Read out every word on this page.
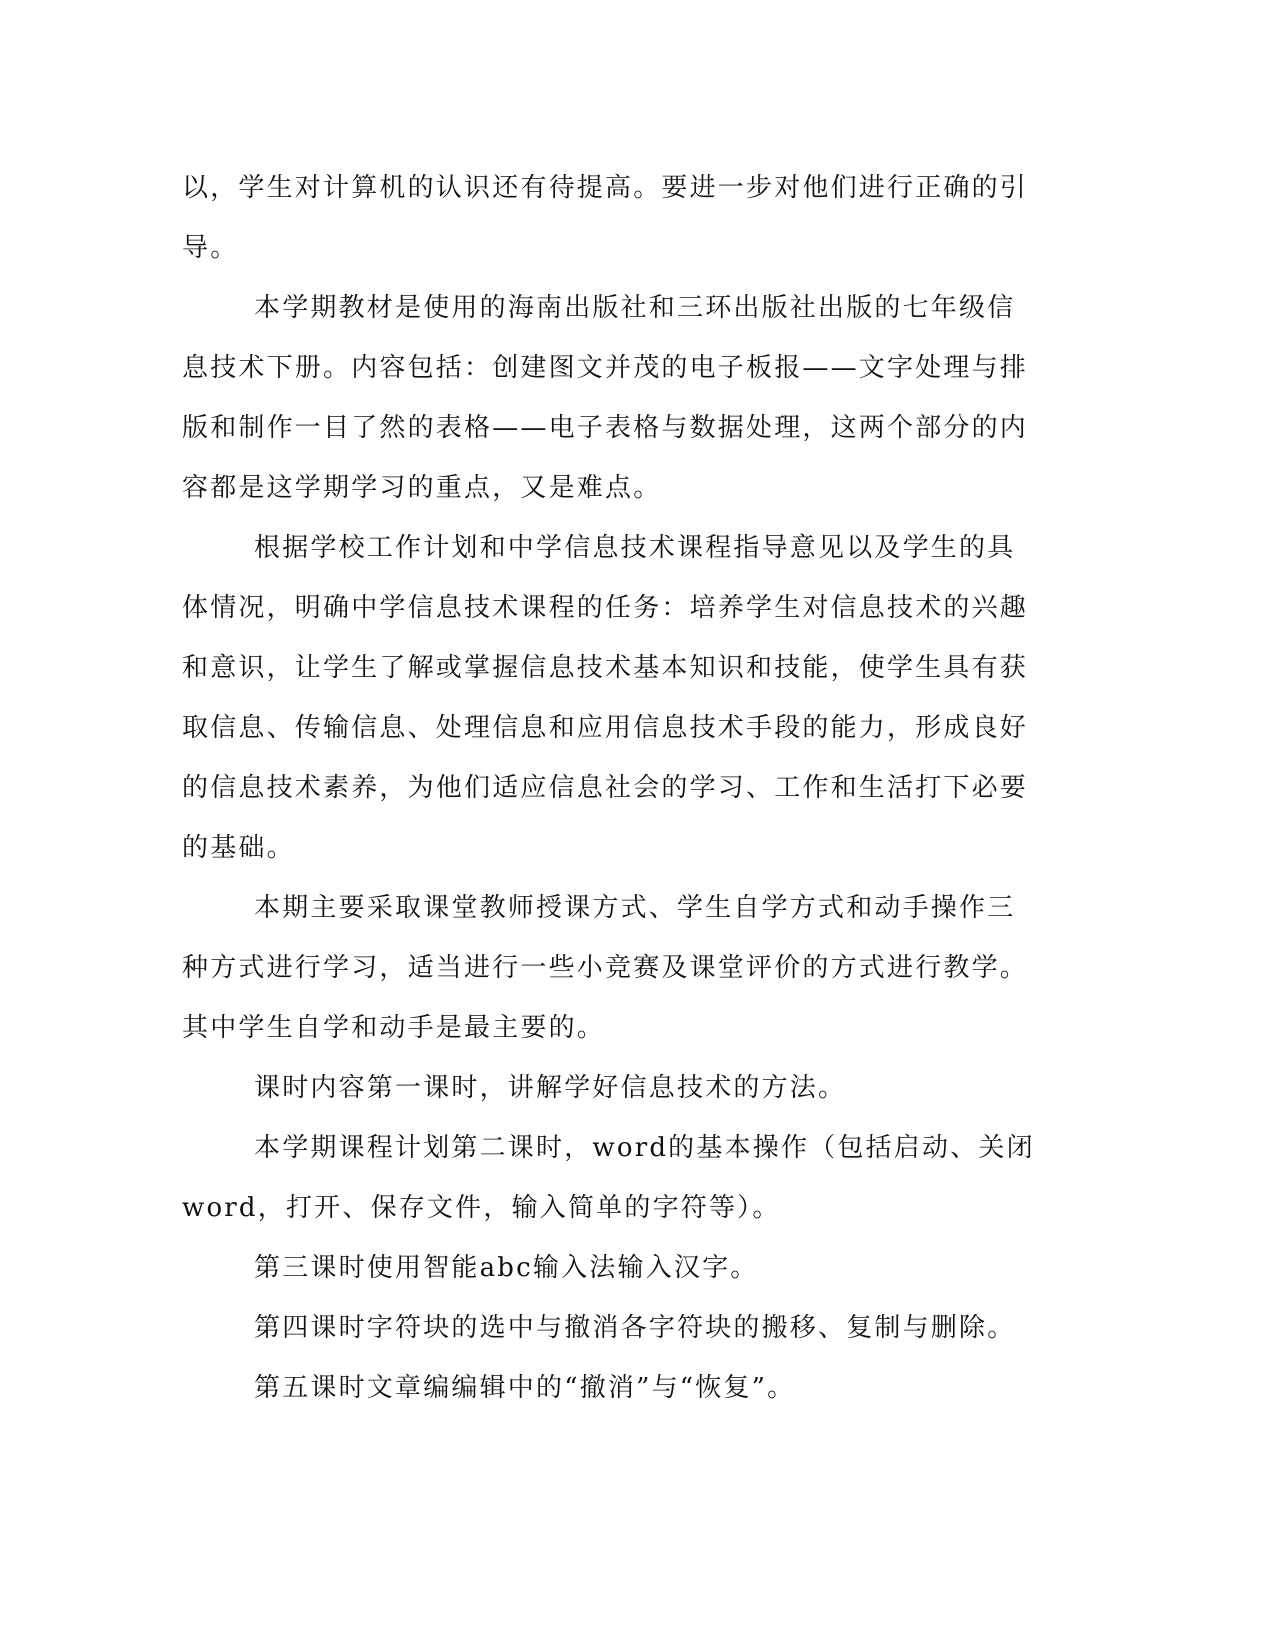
以，学生对计算机的认识还有待提高。要进一步对他们进行正确的引导。

本学期教材是使用的海南出版社和三环出版社出版的七年级信息技术下册。内容包括：创建图文并茂的电子板报——文字处理与排版和制作一目了然的表格——电子表格与数据处理，这两个部分的内容都是这学期学习的重点，又是难点。

根据学校工作计划和中学信息技术课程指导意见以及学生的具体情况，明确中学信息技术课程的任务：培养学生对信息技术的兴趣和意识，让学生了解或掌握信息技术基本知识和技能，使学生具有获取信息、传输信息、处理信息和应用信息技术手段的能力，形成良好的信息技术素养，为他们适应信息社会的学习、工作和生活打下必要的基础。

本期主要采取课堂教师授课方式、学生自学方式和动手操作三种方式进行学习，适当进行一些小竞赛及课堂评价的方式进行教学。其中学生自学和动手是最主要的。

课时内容第一课时，讲解学好信息技术的方法。

本学期课程计划第二课时，word的基本操作（包括启动、关闭word，打开、保存文件，输入简单的字符等）。

第三课时使用智能abc输入法输入汉字。

第四课时字符块的选中与撤消各字符块的搬移、复制与删除。

第五课时文章编编辑中的“撤消”与“恢复”。
